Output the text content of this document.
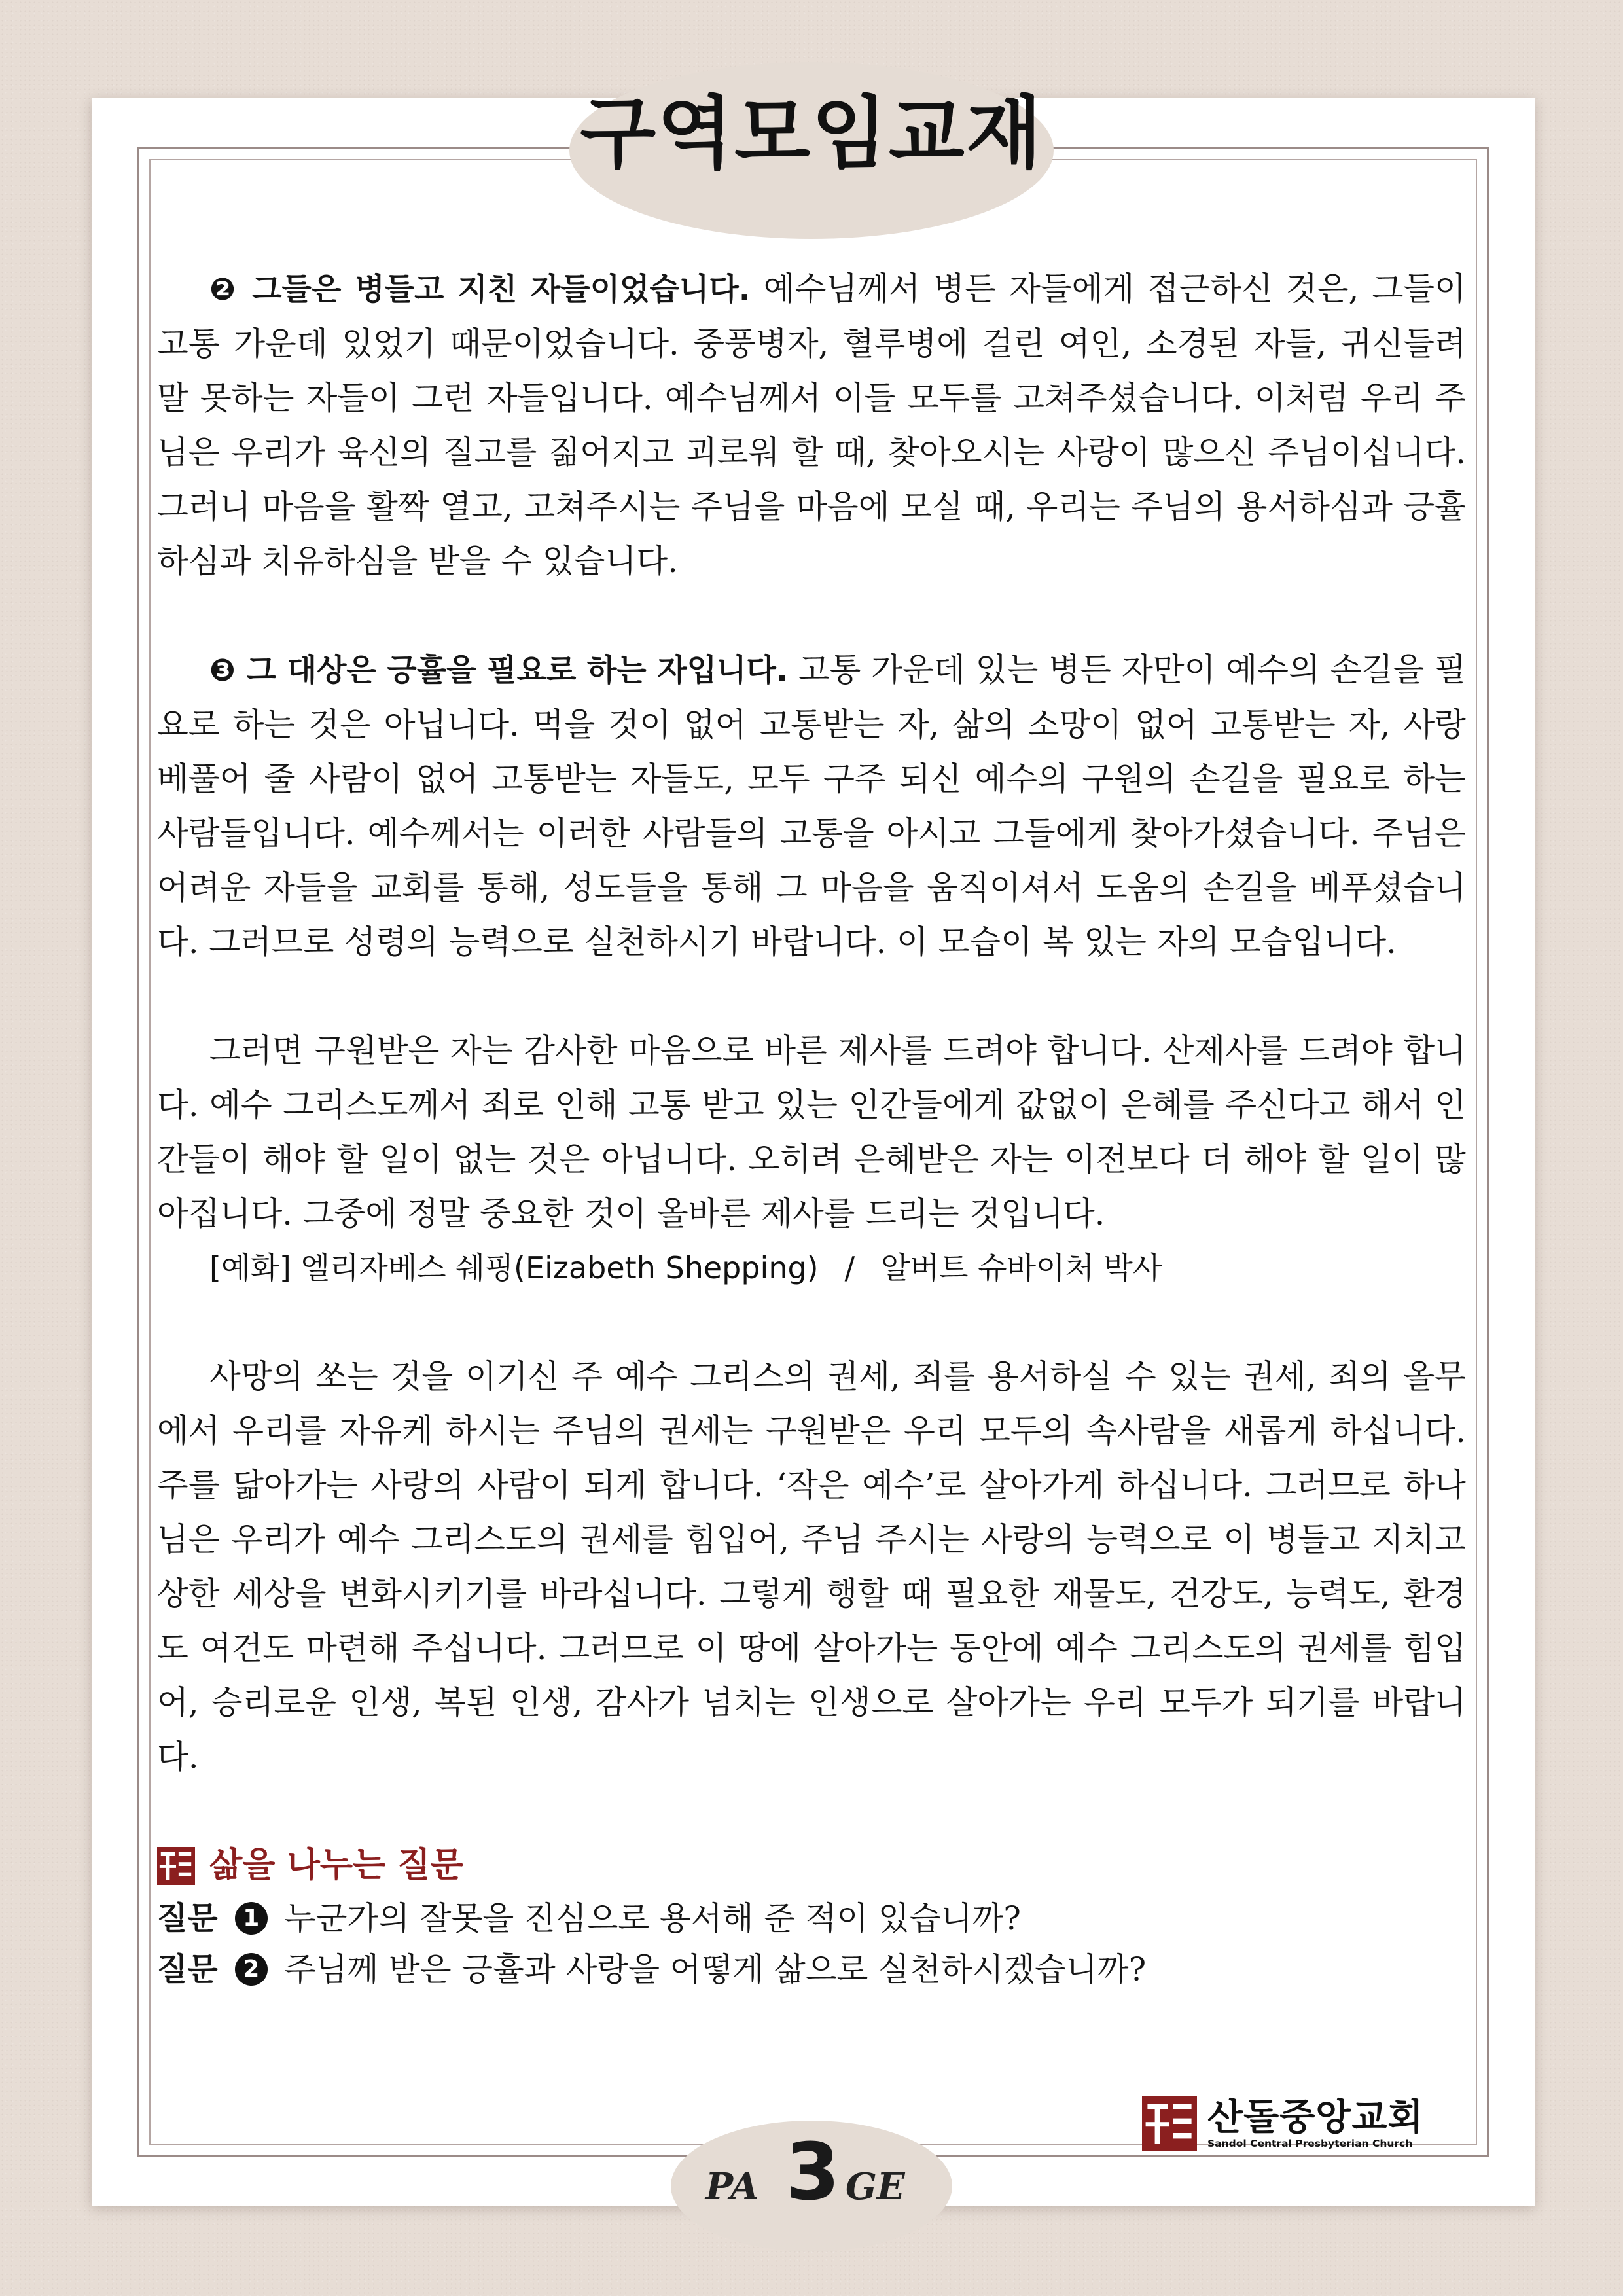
구역모임교재

❷ 그들은 병들고 지친 자들이었습니다. 예수님께서 병든 자들에게 접근하신 것은, 그들이 고통 가운데 있었기 때문이었습니다. 중풍병자, 혈루병에 걸린 여인, 소경된 자들, 귀신들려 말 못하는 자들이 그런 자들입니다. 예수님께서 이들 모두를 고쳐주셨습니다. 이처럼 우리 주님은 우리가 육신의 질고를 짊어지고 괴로워 할 때, 찾아오시는 사랑이 많으신 주님이십니다. 그러니 마음을 활짝 열고, 고쳐주시는 주님을 마음에 모실 때, 우리는 주님의 용서하심과 긍휼하심과 치유하심을 받을 수 있습니다.

❸ 그 대상은 긍휼을 필요로 하는 자입니다. 고통 가운데 있는 병든 자만이 예수의 손길을 필요로 하는 것은 아닙니다. 먹을 것이 없어 고통받는 자, 삶의 소망이 없어 고통받는 자, 사랑 베풀어 줄 사람이 없어 고통받는 자들도, 모두 구주 되신 예수의 구원의 손길을 필요로 하는 사람들입니다. 예수께서는 이러한 사람들의 고통을 아시고 그들에게 찾아가셨습니다. 주님은 어려운 자들을 교회를 통해, 성도들을 통해 그 마음을 움직이셔서 도움의 손길을 베푸셨습니다. 그러므로 성령의 능력으로 실천하시기 바랍니다. 이 모습이 복 있는 자의 모습입니다.

그러면 구원받은 자는 감사한 마음으로 바른 제사를 드려야 합니다. 산제사를 드려야 합니다. 예수 그리스도께서 죄로 인해 고통 받고 있는 인간들에게 값없이 은혜를 주신다고 해서 인간들이 해야 할 일이 없는 것은 아닙니다. 오히려 은혜받은 자는 이전보다 더 해야 할 일이 많아집니다. 그중에 정말 중요한 것이 올바른 제사를 드리는 것입니다.

[예화] 엘리자베스 쉐핑(Eizabeth Shepping) / 알버트 슈바이처 박사

사망의 쏘는 것을 이기신 주 예수 그리스의 권세, 죄를 용서하실 수 있는 권세, 죄의 올무에서 우리를 자유케 하시는 주님의 권세는 구원받은 우리 모두의 속사람을 새롭게 하십니다. 주를 닮아가는 사랑의 사람이 되게 합니다. ‘작은 예수’로 살아가게 하십니다. 그러므로 하나님은 우리가 예수 그리스도의 권세를 힘입어, 주님 주시는 사랑의 능력으로 이 병들고 지치고 상한 세상을 변화시키기를 바라십니다. 그렇게 행할 때 필요한 재물도, 건강도, 능력도, 환경도 여건도 마련해 주십니다. 그러므로 이 땅에 살아가는 동안에 예수 그리스도의 권세를 힘입어, 승리로운 인생, 복된 인생, 감사가 넘치는 인생으로 살아가는 우리 모두가 되기를 바랍니다.

삶을 나누는 질문
질문	1 누군가의 잘못을 진심으로 용서해 준 적이 있습니까?
질문	2 주님께 받은 긍휼과 사랑을 어떻게 삶으로 실천하시겠습니까?
산돌중앙교회
Sandol Central Presbyterian Church
PA 3 GE
